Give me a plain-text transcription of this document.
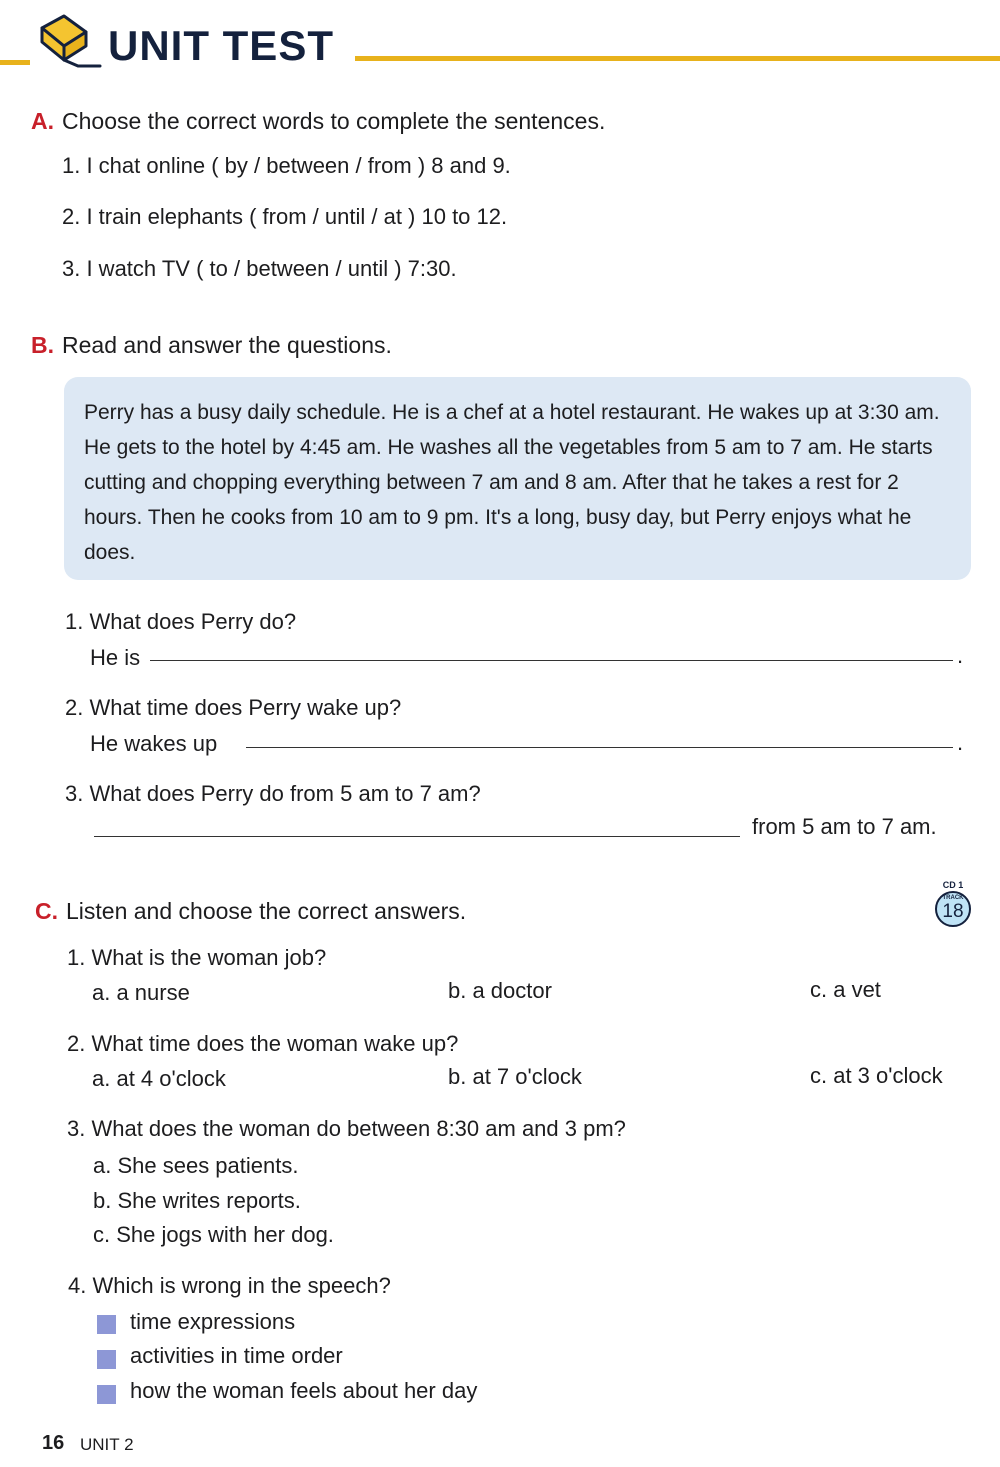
UNIT TEST
A. Choose the correct words to complete the sentences.
1. I chat online ( by / between / from ) 8 and 9.
2. I train elephants ( from / until / at ) 10 to 12.
3. I watch TV ( to / between / until ) 7:30.
B. Read and answer the questions.

Perry has a busy daily schedule. He is a chef at a hotel restaurant. He wakes up at 3:30 am. He gets to the hotel by 4:45 am. He washes all the vegetables from 5 am to 7 am. He starts cutting and chopping everything between 7 am and 8 am. After that he takes a rest for 2 hours. Then he cooks from 10 am to 9 pm. It's a long, busy day, but Perry enjoys what he does.

1. What does Perry do?
He is	.
2. What time does Perry wake up?
He wakes up	.
3. What does Perry do from 5 am to 7 am?
from 5 am to 7 am.
C. Listen and choose the correct answers.
CD 1
TRACK
18
1. What is the woman job?
a. a nurse	b. a doctor	c. a vet
2. What time does the woman wake up?
a. at 4 o'clock	b. at 7 o'clock	c. at 3 o'clock
3. What does the woman do between 8:30 am and 3 pm?
a. She sees patients.
b. She writes reports.
c. She jogs with her dog.
4. Which is wrong in the speech?
time expressions
activities in time order
how the woman feels about her day
16 UNIT 2
